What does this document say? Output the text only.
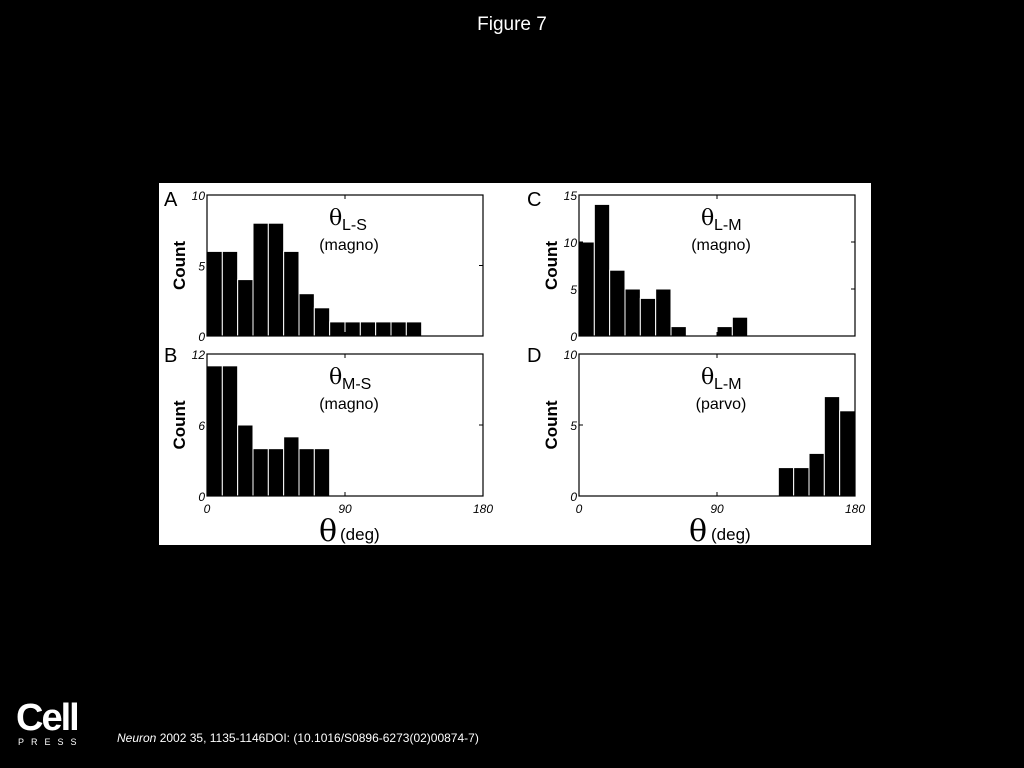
Figure 7
A
0
5
10
Count
θ L-S
(magno)
B
0
6
12
0	90	180
Count
θ M-S
(magno)
C
0
5
10
15
Count
θ L-M
(magno)
D
0
5
10
0	90	180
Count
θ L-M
(parvo)
θ (deg)	θ (deg)
Cell
PRESS	Neuron 2002 35, 1135-1146DOI: (10.1016/S0896-6273(02)00874-7)
